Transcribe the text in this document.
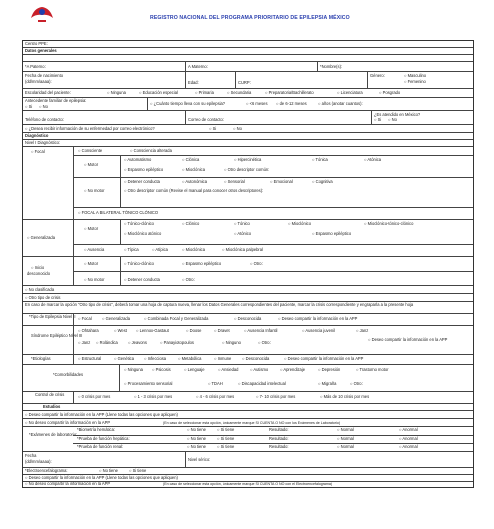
REGISTRO NACIONAL DEL PROGRAMA PRIORITARIO DE EPILEPSIA MÉXICO
Centro PPE:
Datos generales
*A Paterno:	A Materno:	*Nombre(s):
Fecha de nacimiento
(dd/mm/aaaa):	Edad:	CURP:
Género:	○ Masculino
○ Femenino
Escolaridad del paciente:	○ Ninguna	○ Educación especial	○ Primaria	○ Secundaria	○ Preparatoria/Bachillerato	○ Licenciatura	○ Posgrado
Antecedente familiar de epilepsia:
○ Si	○ No	○ ¿Cuánto tiempo lleva con su epilepsia?	○ <6 meses	○ de 6-12 meses	○ años (anotar cuantos):
Teléfono de contacto:	Correo de contacto:
¿Es atendido en México?
○ Si	○ No
○ ¿Desea recibir información de su enfermedad por correo electrónico?	○ Si	○ No
Diagnóstico
Nivel I Diagnóstico:
○ Focal	○ Consciente	○ Consciencia alterada
○ Motor
○ Automatismo	○ Clónica	○ Hipercinética	○ Tónica	○ Atónica
○ Espasmo epiléptico	○ Mioclónica	○ Otro descriptor común:
○ No motor
○ Detener conducta	○ Autonómica	○ Sensorial	○ Emocional	○ Cognitiva
○ Otro descriptor común (Revise el manual para conocer otros descriptores):
○ FOCAL A BILATERAL TÓNICO CLÓNICO
○ Generalizada
○ Motor
○ Tónico-clónico	○ Clónico	○ Tónico	○ Mioclónico	○ Mioclónico-tónico-clónico
○ Mioclónico atónico	○ Atónico	○ Espasmo epiléptico
○ Ausencia	○ Típica	○ Atípica	○ Mioclónica	○ Mioclónica palpebral
○ Inicio
desconocido
○ Motor	○ Tónico-clónico	○ Espasmo epiléptico	○ Otro:
○ No motor	○ Detener conducta	○ Otro:
○ No clasificada
○ Otro tipo de crisis
En caso de marcar la opción "Otro tipo de crisis", deberá tomar una hoja de captura nueva, llenar los Datos Generales correspondientes del paciente, marcar la crisis correspondiente y engraparla a la presente hoja
*Tipo de Epilepsia Nivel II	○ Focal	○ Generalizada	○ Combinada Focal y Generalizada	○ Desconocida	○ Deseo compartir la información en la APP
Síndrome Epiléptico Nivel III
○ Ohtahara	○ West	○ Lennox-Gastaut	○ Doose	○ Dravet	○ Ausencia Infantil	○ Ausencia juvenil	○ Janz
○ Janz	○ Rolándica	○ Jeavons	○ Panayiotopoulos	○ Ninguno	○ Otro:
○ Deseo compartir la información en la APP
*Etiologías	○ Estructural	○ Genética	○ Infecciosa	○ Metabólica	○ Inmune	○ Desconocida	○ Deseo compartir la información en la APP
*Comorbilidades
○ Ninguna	○ Psicosis	○ Lenguaje	○ Ansiedad	○ Autismo	○ Aprendizaje	○ Depresión	○ Trastorno motor
○ Procesamiento sensorial	○ TDAH	○ Discapacidad intelectual	○ Migraña	○ Otro:
Control de crisis	○ 0 crisis por mes	○ 1 - 3 crisis por mes	○ 4 - 6 crisis por mes	○ 7- 10 crisis por mes	○ Más de 10 crisis por mes
Estudios
○ Deseo compartir la información en la APP (Llene todas las opciones que apliquen)
○ No deseo compartir la información en la APP	(En caso de seleccionar esta opción, únicamente marque SI CUENTA O NO con los Exámenes de Laboratorio)
*Exámenes de laboratorio:
*Biometría hemática:	○ No tiene	○ Si tiene	Resultado:	○ Normal	○ Anormal
*Prueba de función hepática:	○ No tiene	○ Si tiene	Resultado:	○ Normal	○ Anormal
*Prueba de función renal:	○ No tiene	○ Si tiene	Resultado:	○ Normal	○ Anormal
Fecha
(dd/mm/aaaa):	Nivel sérico:
*Electroencefalograma:	○ No tiene	○ Si tiene
○ Deseo compartir la información en la APP (Llene todas las opciones que apliquen)
○ No deseo compartir la información en la APP	(En caso de seleccionar esta opción, únicamente marque SI CUENTA O NO con el Electroencefalograma)
